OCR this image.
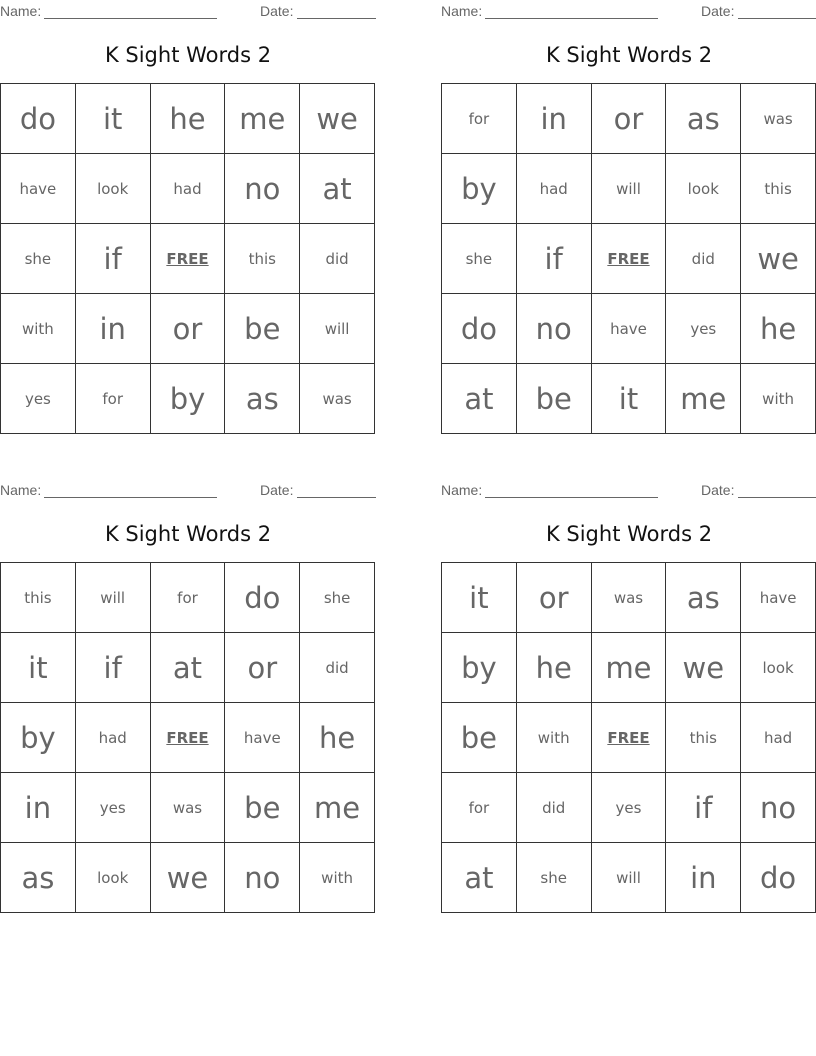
Name:	Date:
K Sight Words 2
do	it	he	me	we
have	look	had	no	at
she	if	FREE	this	did
with	in	or	be	will
yes	for	by	as	was
Name:	Date:
K Sight Words 2
for	in	or	as	was
by	had	will	look	this
she	if	FREE	did	we
do	no	have	yes	he
at	be	it	me	with
Name:	Date:
K Sight Words 2
this	will	for	do	she
it	if	at	or	did
by	had	FREE	have	he
in	yes	was	be	me
as	look	we	no	with
Name:	Date:
K Sight Words 2
it	or	was	as	have
by	he	me	we	look
be	with	FREE	this	had
for	did	yes	if	no
at	she	will	in	do
